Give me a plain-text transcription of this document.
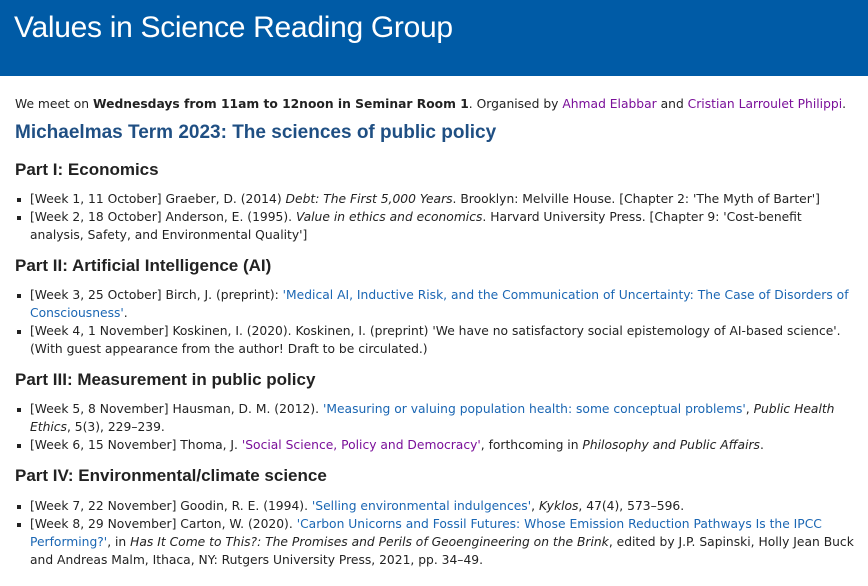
Values in Science Reading Group

We meet on Wednesdays from 11am to 12noon in Seminar Room 1. Organised by Ahmad Elabbar and Cristian Larroulet Philippi.

Michaelmas Term 2023: The sciences of public policy
Part I: Economics
[Week 1, 11 October] Graeber, D. (2014) Debt: The First 5,000 Years. Brooklyn: Melville House. [Chapter 2: 'The Myth of Barter']
[Week 2, 18 October] Anderson, E. (1995). Value in ethics and economics. Harvard University Press. [Chapter 9: 'Cost-benefit analysis, Safety, and Environmental Quality']
Part II: Artificial Intelligence (AI)
[Week 3, 25 October] Birch, J. (preprint): 'Medical AI, Inductive Risk, and the Communication of Uncertainty: The Case of Disorders of Consciousness'.
[Week 4, 1 November] Koskinen, I. (2020). Koskinen, I. (preprint) 'We have no satisfactory social epistemology of AI-based science'. (With guest appearance from the author! Draft to be circulated.)
Part III: Measurement in public policy
[Week 5, 8 November] Hausman, D. M. (2012). 'Measuring or valuing population health: some conceptual problems', Public Health Ethics, 5(3), 229–239.
[Week 6, 15 November] Thoma, J. 'Social Science, Policy and Democracy', forthcoming in Philosophy and Public Affairs.
Part IV: Environmental/climate science
[Week 7, 22 November] Goodin, R. E. (1994). 'Selling environmental indulgences', Kyklos, 47(4), 573–596.
[Week 8, 29 November] Carton, W. (2020). 'Carbon Unicorns and Fossil Futures: Whose Emission Reduction Pathways Is the IPCC Performing?', in Has It Come to This?: The Promises and Perils of Geoengineering on the Brink, edited by J.P. Sapinski, Holly Jean Buck and Andreas Malm, Ithaca, NY: Rutgers University Press, 2021, pp. 34–49.
